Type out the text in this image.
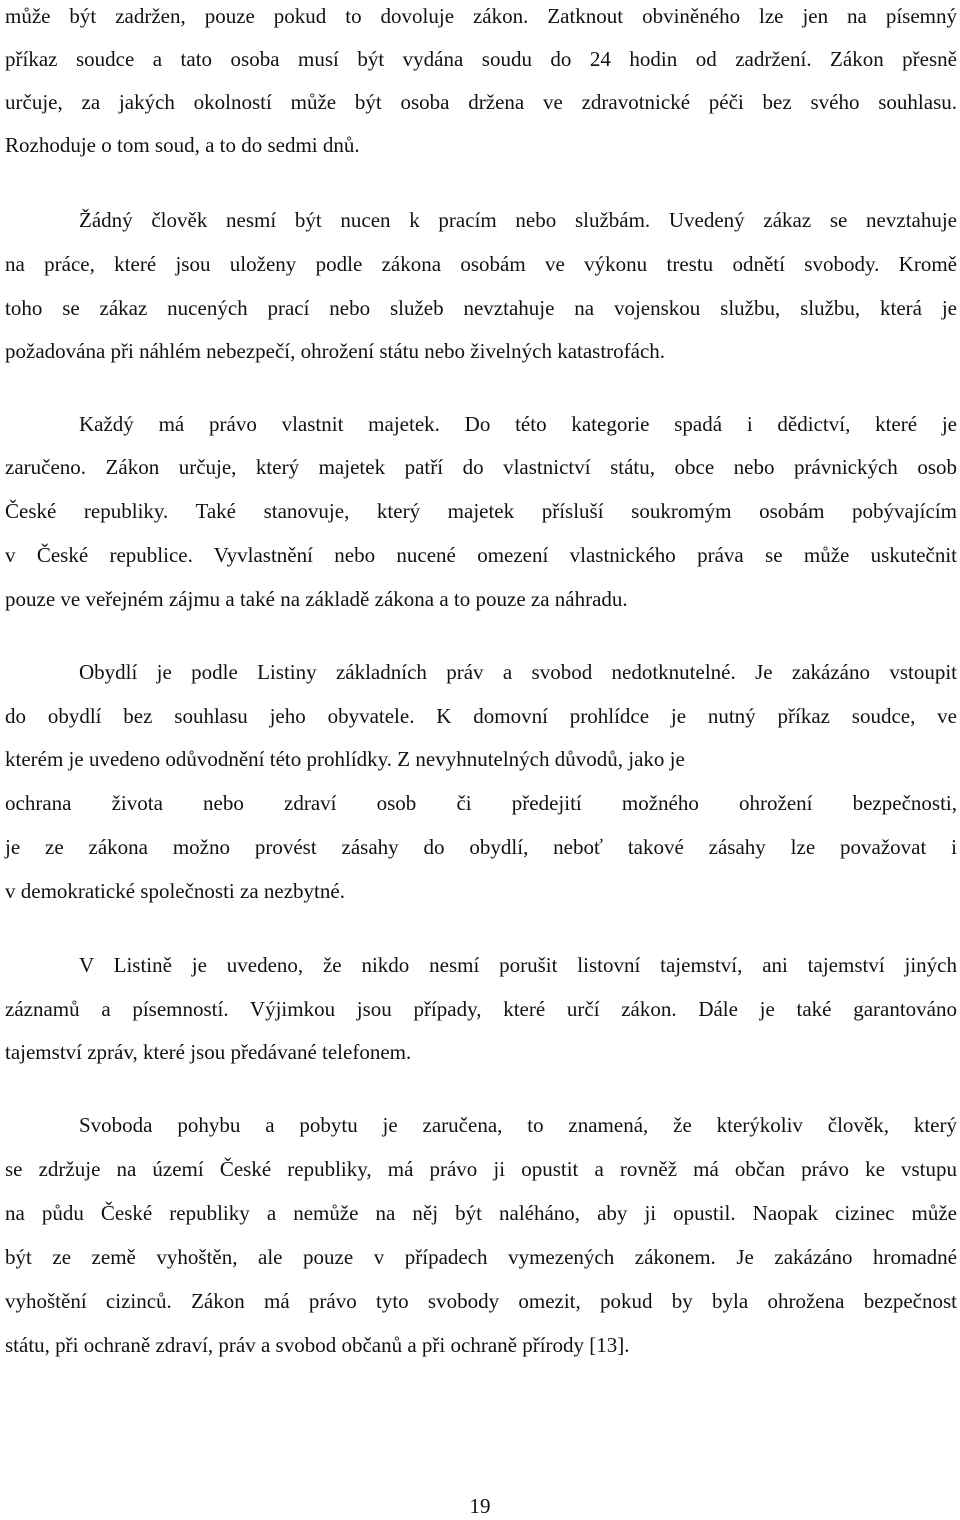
může být zadržen, pouze pokud to dovoluje zákon. Zatknout obviněného lze jen na písemný
příkaz soudce a tato osoba musí být vydána soudu do 24 hodin od zadržení. Zákon přesně
určuje, za jakých okolností může být osoba držena ve zdravotnické péči bez svého souhlasu.
Rozhoduje o tom soud, a to do sedmi dnů.
Žádný člověk nesmí být nucen k pracím nebo službám. Uvedený zákaz se nevztahuje
na práce, které jsou uloženy podle zákona osobám ve výkonu trestu odnětí svobody. Kromě
toho se zákaz nucených prací nebo služeb nevztahuje na vojenskou službu, službu, která je
požadována při náhlém nebezpečí, ohrožení státu nebo živelných katastrofách.
Každý má právo vlastnit majetek. Do této kategorie spadá i dědictví, které je
zaručeno. Zákon určuje, který majetek patří do vlastnictví státu, obce nebo právnických osob
České republiky. Také stanovuje, který majetek přísluší soukromým osobám pobývajícím
v České republice. Vyvlastnění nebo nucené omezení vlastnického práva se může uskutečnit
pouze ve veřejném zájmu a také na základě zákona a to pouze za náhradu.
Obydlí je podle Listiny základních práv a svobod nedotknutelné. Je zakázáno vstoupit
do obydlí bez souhlasu jeho obyvatele. K domovní prohlídce je nutný příkaz soudce, ve
kterém je uvedeno odůvodnění této prohlídky. Z nevyhnutelných důvodů, jako je
ochrana života nebo zdraví osob či předejití možného ohrožení bezpečnosti,
je ze zákona možno provést zásahy do obydlí, neboť takové zásahy lze považovat i
v demokratické společnosti za nezbytné.
V Listině je uvedeno, že nikdo nesmí porušit listovní tajemství, ani tajemství jiných
záznamů a písemností. Výjimkou jsou případy, které určí zákon. Dále je také garantováno
tajemství zpráv, které jsou předávané telefonem.
Svoboda pohybu a pobytu je zaručena, to znamená, že kterýkoliv člověk, který
se zdržuje na území České republiky, má právo ji opustit a rovněž má občan právo ke vstupu
na půdu České republiky a nemůže na něj být naléháno, aby ji opustil. Naopak cizinec může
být ze země vyhoštěn, ale pouze v případech vymezených zákonem. Je zakázáno hromadné
vyhoštění cizinců. Zákon má právo tyto svobody omezit, pokud by byla ohrožena bezpečnost
státu, při ochraně zdraví, práv a svobod občanů a při ochraně přírody [13].
19
